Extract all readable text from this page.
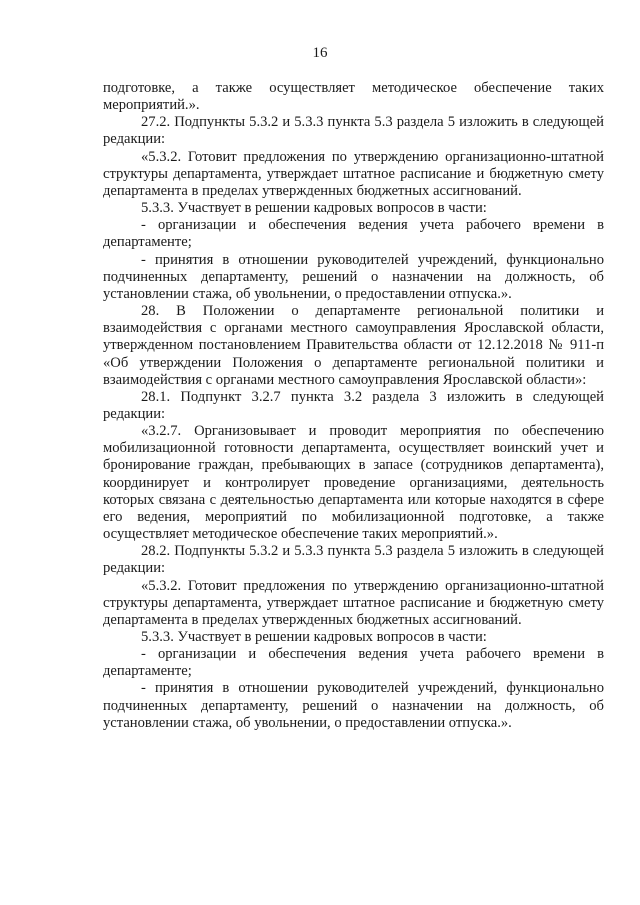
16

подготовке, а также осуществляет методическое обеспечение таких мероприятий.».

27.2. Подпункты 5.3.2 и 5.3.3 пункта 5.3 раздела 5 изложить в следующей редакции:

«5.3.2. Готовит предложения по утверждению организационно-штатной структуры департамента, утверждает штатное расписание и бюджетную смету департамента в пределах утвержденных бюджетных ассигнований.

5.3.3. Участвует в решении кадровых вопросов в части:

- организации и обеспечения ведения учета рабочего времени в департаменте;

- принятия в отношении руководителей учреждений, функционально подчиненных департаменту, решений о назначении на должность, об установлении стажа, об увольнении, о предоставлении отпуска.».

28. В Положении о департаменте региональной политики и взаимодействия с органами местного самоуправления Ярославской области, утвержденном постановлением Правительства области от 12.12.2018 № 911-п «Об утверждении Положения о департаменте региональной политики и взаимодействия с органами местного самоуправления Ярославской области»:

28.1. Подпункт 3.2.7 пункта 3.2 раздела 3 изложить в следующей редакции:

«3.2.7. Организовывает и проводит мероприятия по обеспечению мобилизационной готовности департамента, осуществляет воинский учет и бронирование граждан, пребывающих в запасе (сотрудников департамента), координирует и контролирует проведение организациями, деятельность которых связана с деятельностью департамента или которые находятся в сфере его ведения, мероприятий по мобилизационной подготовке, а также осуществляет методическое обеспечение таких мероприятий.».

28.2. Подпункты 5.3.2 и 5.3.3 пункта 5.3 раздела 5 изложить в следующей редакции:

«5.3.2. Готовит предложения по утверждению организационно-штатной структуры департамента, утверждает штатное расписание и бюджетную смету департамента в пределах утвержденных бюджетных ассигнований.

5.3.3. Участвует в решении кадровых вопросов в части:

- организации и обеспечения ведения учета рабочего времени в департаменте;

- принятия в отношении руководителей учреждений, функционально подчиненных департаменту, решений о назначении на должность, об установлении стажа, об увольнении, о предоставлении отпуска.».
